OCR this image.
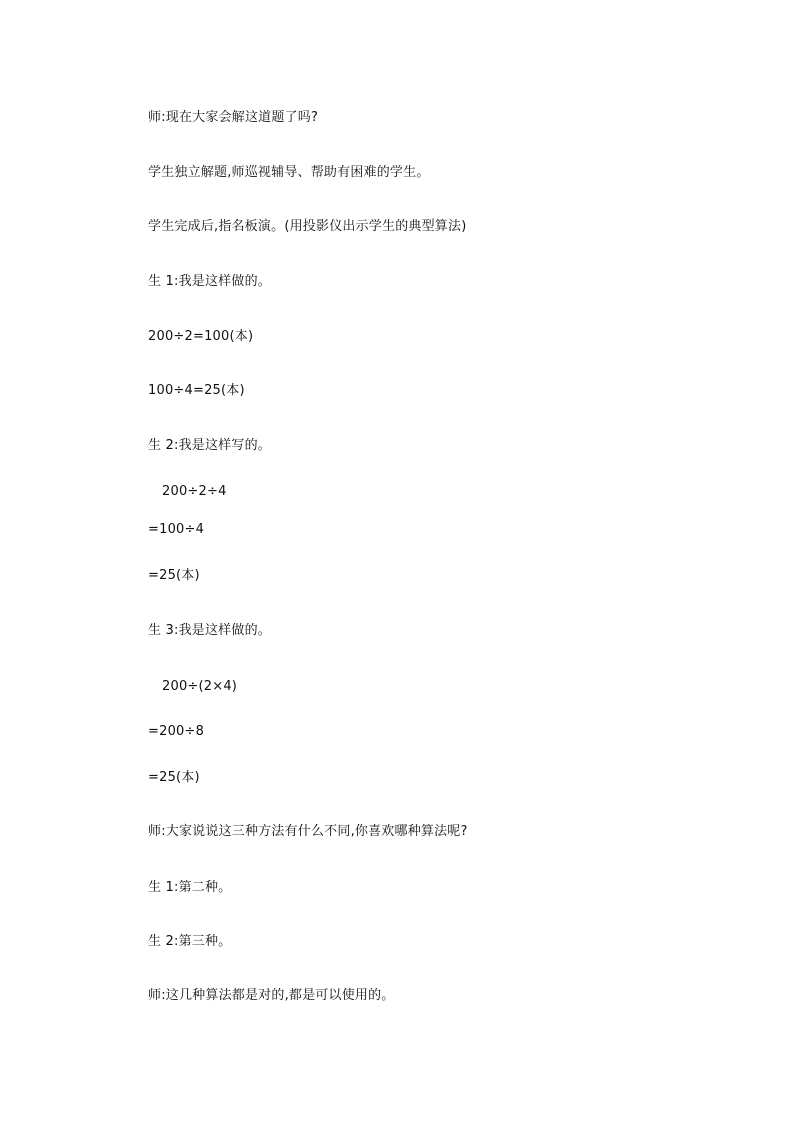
师:现在大家会解这道题了吗?
学生独立解题,师巡视辅导、帮助有困难的学生。
学生完成后,指名板演。(用投影仪出示学生的典型算法)
生 1:我是这样做的。
200÷2=100(本)
100÷4=25(本)
生 2:我是这样写的。
200÷2÷4
=100÷4
=25(本)
生 3:我是这样做的。
200÷(2×4)
=200÷8
=25(本)
师:大家说说这三种方法有什么不同,你喜欢哪种算法呢?
生 1:第二种。
生 2:第三种。
师:这几种算法都是对的,都是可以使用的。
